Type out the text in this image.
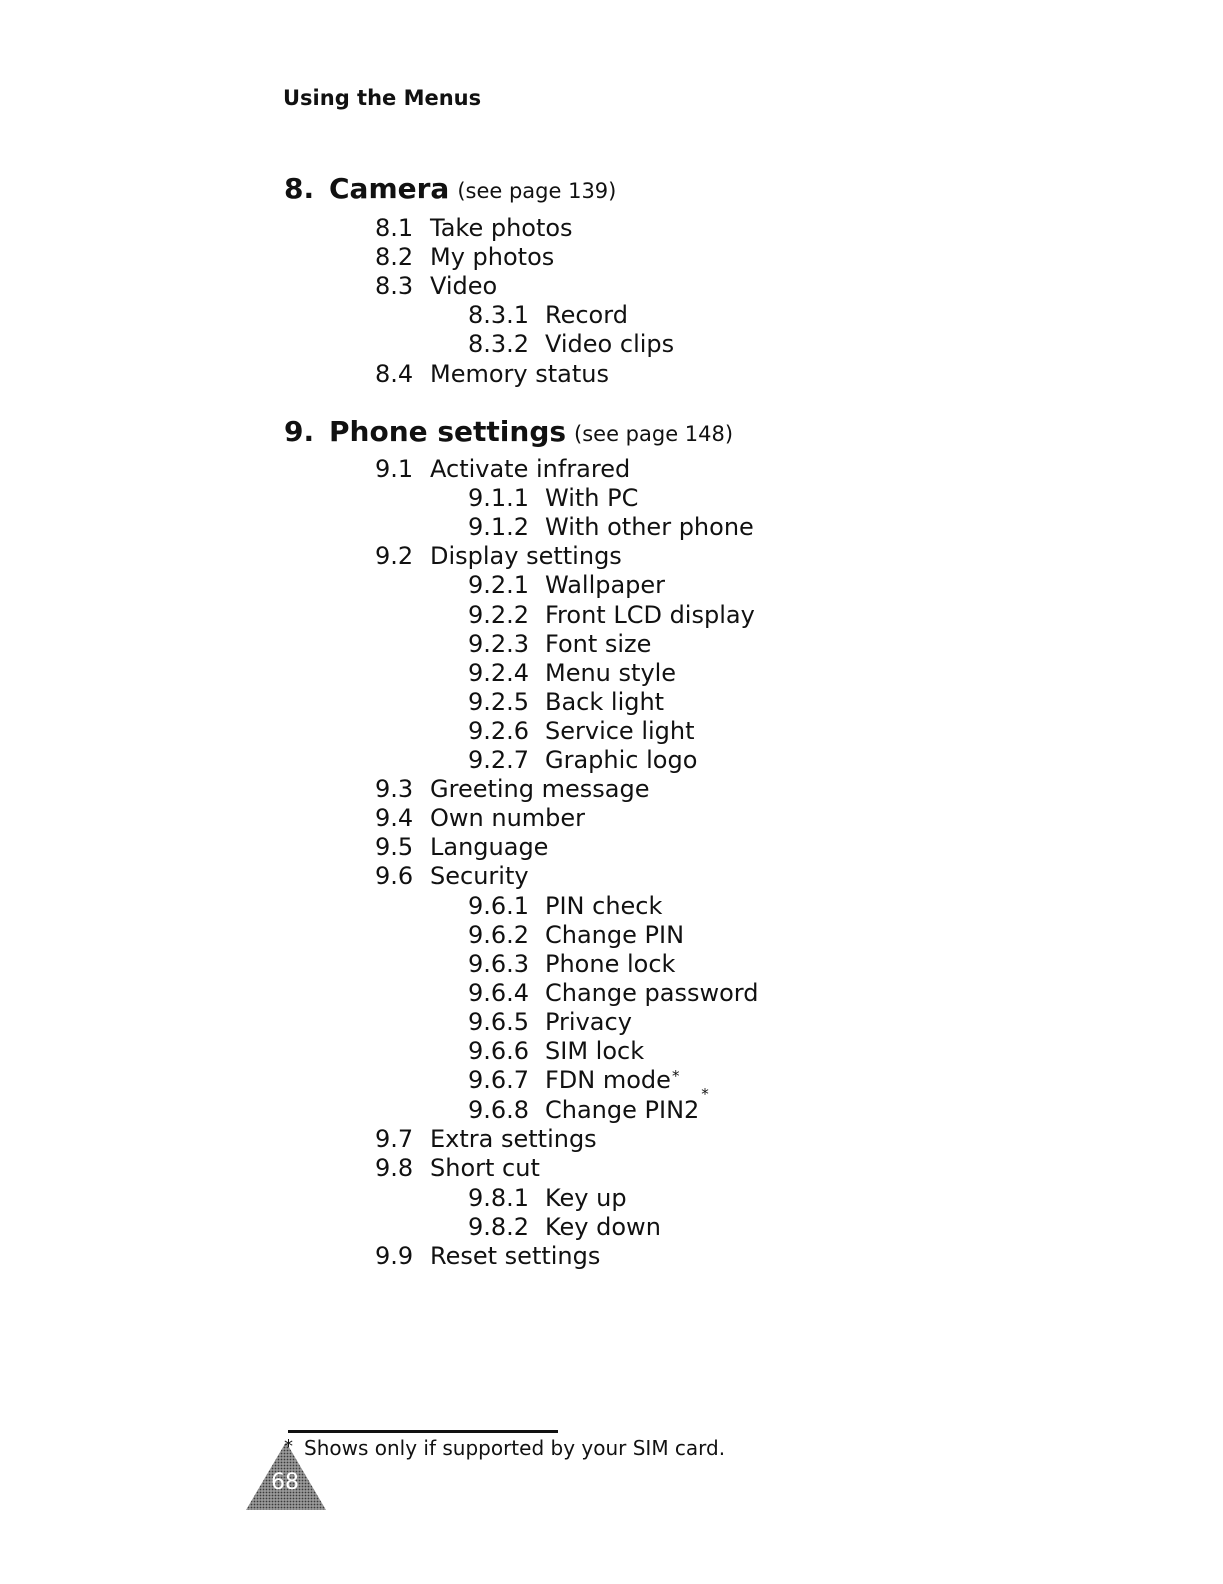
Using the Menus
8. Camera (see page 139)
8.1 Take photos
8.2 My photos
8.3 Video
8.3.1 Record
8.3.2 Video clips
8.4 Memory status
9. Phone settings (see page 148)
9.1 Activate infrared
9.1.1 With PC
9.1.2 With other phone
9.2 Display settings
9.2.1 Wallpaper
9.2.2 Front LCD display
9.2.3 Font size
9.2.4 Menu style
9.2.5 Back light
9.2.6 Service light
9.2.7 Graphic logo
9.3 Greeting message
9.4 Own number
9.5 Language
9.6 Security
9.6.1 PIN check
9.6.2 Change PIN
9.6.3 Phone lock
9.6.4 Change password
9.6.5 Privacy
9.6.6 SIM lock
9.6.7 FDN mode*
9.6.8 Change PIN2*
9.7 Extra settings
9.8 Short cut
9.8.1 Key up
9.8.2 Key down
9.9 Reset settings
68
* Shows only if supported by your SIM card.
